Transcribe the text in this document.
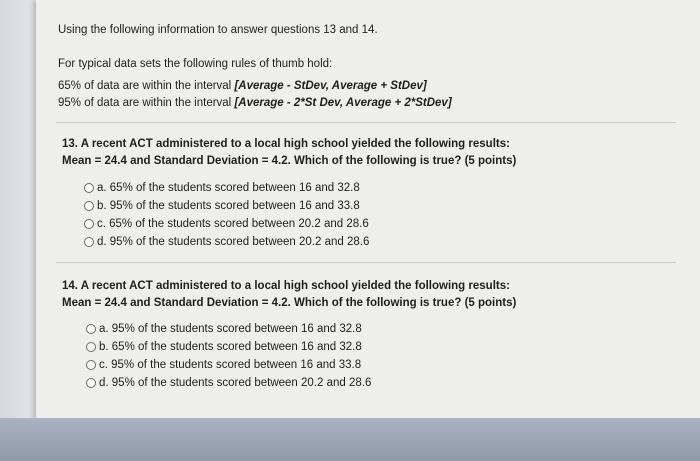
Using the following information to answer questions 13 and 14.
For typical data sets the following rules of thumb hold:
65% of data are within the interval [Average - StDev, Average + StDev]
95% of data are within the interval [Average - 2*St Dev, Average + 2*StDev]
13. A recent ACT administered to a local high school yielded the following results:
Mean = 24.4 and Standard Deviation = 4.2. Which of the following is true? (5 points)
a. 65% of the students scored between 16 and 32.8
b. 95% of the students scored between 16 and 33.8
c. 65% of the students scored between 20.2 and 28.6
d. 95% of the students scored between 20.2 and 28.6
14. A recent ACT administered to a local high school yielded the following results:
Mean = 24.4 and Standard Deviation = 4.2. Which of the following is true? (5 points)
a. 95% of the students scored between 16 and 32.8
b. 65% of the students scored between 16 and 32.8
c. 95% of the students scored between 16 and 33.8
d. 95% of the students scored between 20.2 and 28.6
